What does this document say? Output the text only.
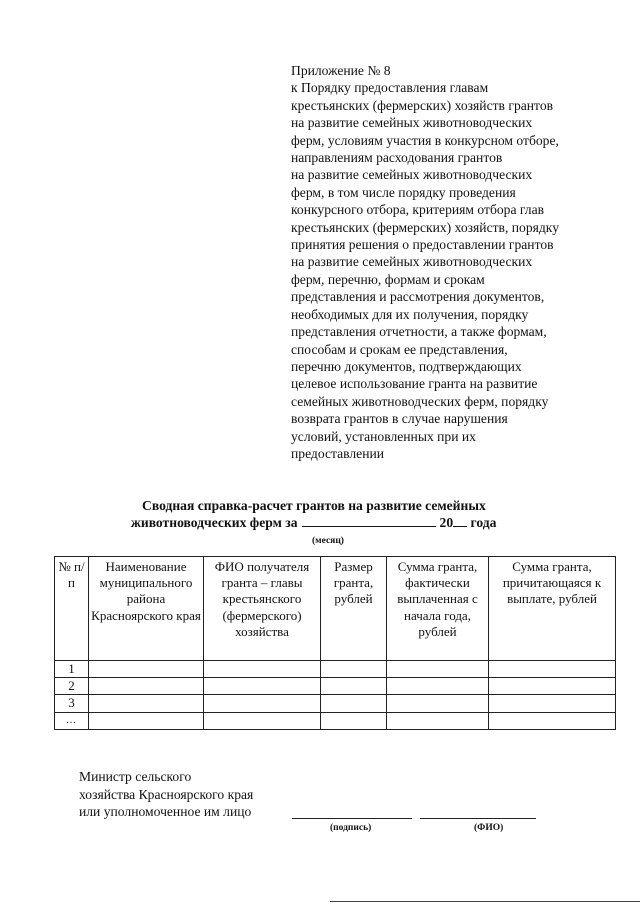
Приложение № 8
к Порядку предоставления главам
крестьянских (фермерских) хозяйств грантов
на развитие семейных животноводческих
ферм, условиям участия в конкурсном отборе,
направлениям расходования грантов
на развитие семейных животноводческих
ферм, в том числе порядку проведения
конкурсного отбора, критериям отбора глав
крестьянских (фермерских) хозяйств, порядку
принятия решения о предоставлении грантов
на развитие семейных животноводческих
ферм, перечню, формам и срокам
представления и рассмотрения документов,
необходимых для их получения, порядку
представления отчетности, а также формам,
способам и срокам ее представления,
перечню документов, подтверждающих
целевое использование гранта на развитие
семейных животноводческих ферм, порядку
возврата грантов в случае нарушения
условий, установленных при их
предоставлении
Сводная справка-расчет грантов на развитие семейных
животноводческих ферм за	20 года
(месяц)
№ п/п	Наименование муниципального района Красноярского края	ФИО получателя гранта – главы крестьянского (фермерского) хозяйства	Размер гранта, рублей	Сумма гранта, фактически выплаченная с начала года, рублей	Сумма гранта, причитающаяся к выплате, рублей
1					
2					
3					
…					
Министр сельского
хозяйства Красноярского края
или уполномоченное им лицо
(подпись)	(ФИО)
